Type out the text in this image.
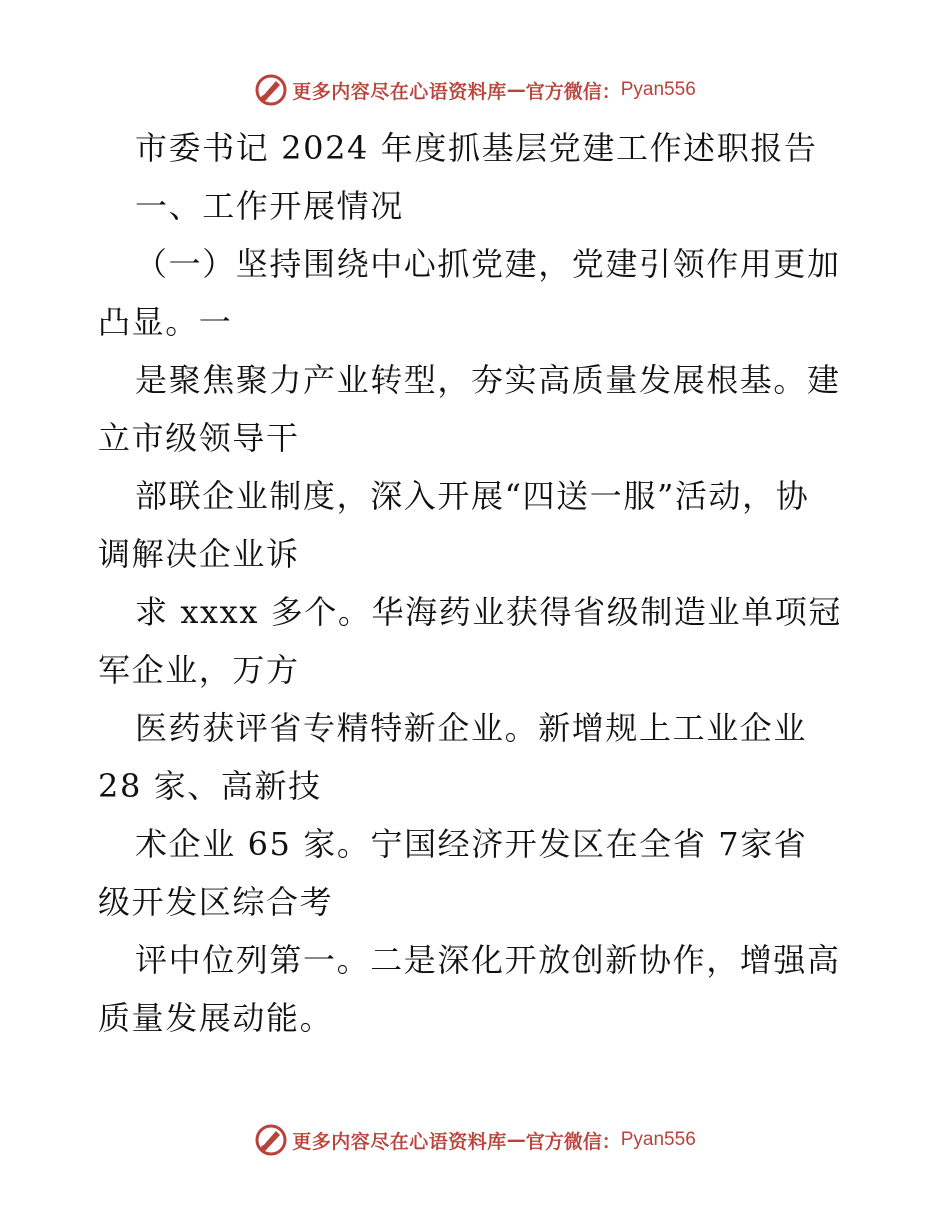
更多内容尽在心语资料库 — 官方微信： Pyan556
市委书记 2024 年度抓基层党建工作述职报告
一、工作开展情况
（一）坚持围绕中心抓党建，党建引领作用更加
凸显。一
是聚焦聚力产业转型，夯实高质量发展根基。建
立市级领导干
部联企业制度，深入开展“四送一服”活动，协
调解决企业诉
求 xxxx 多个。华海药业获得省级制造业单项冠
军企业，万方
医药获评省专精特新企业。新增规上工业企业
28 家、高新技
术企业 65 家。宁国经济开发区在全省 7家省
级开发区综合考
评中位列第一。二是深化开放创新协作，增强高
质量发展动能。
更多内容尽在心语资料库 — 官方微信： Pyan556
